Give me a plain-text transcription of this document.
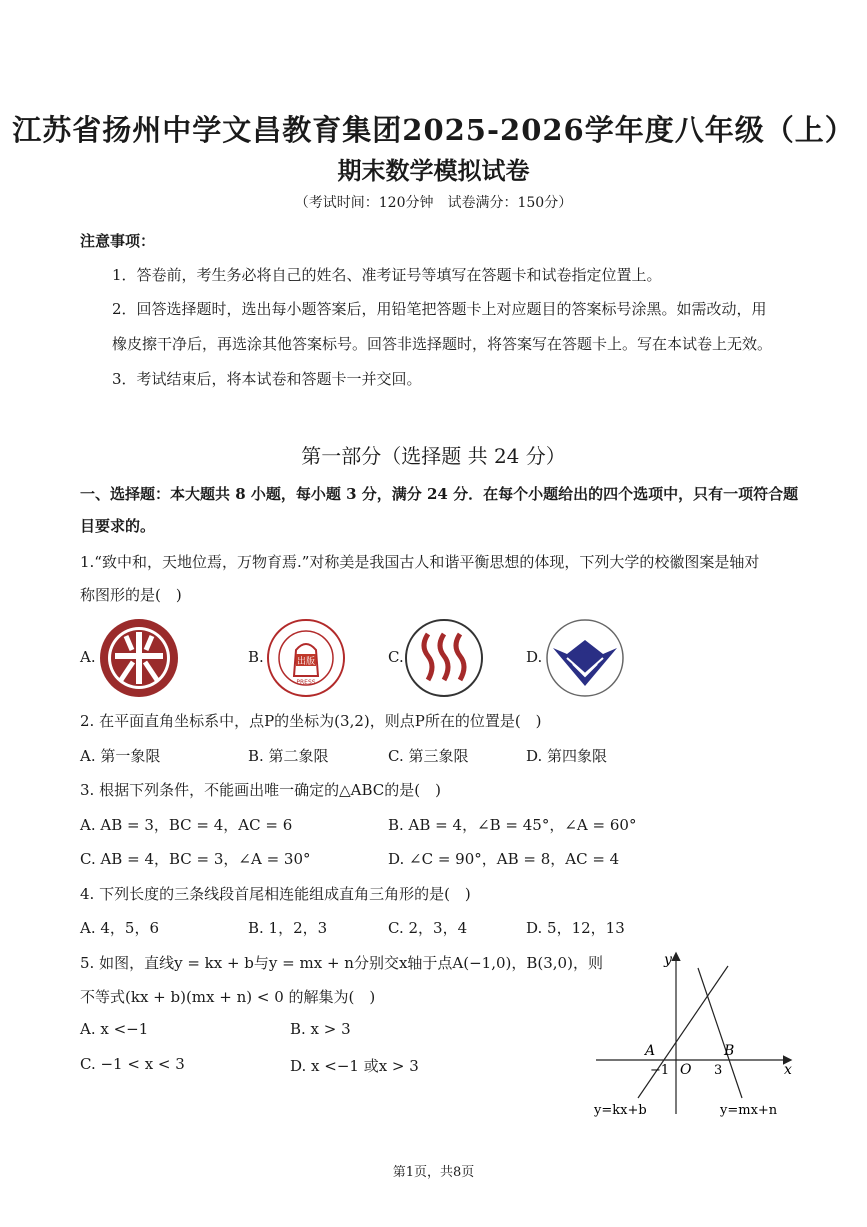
江苏省扬州中学文昌教育集团2025-2026学年度八年级（上）
期末数学模拟试卷
（考试时间：120分钟　试卷满分：150分）
注意事项：
1．答卷前，考生务必将自己的姓名、准考证号等填写在答题卡和试卷指定位置上。
2．回答选择题时，选出每小题答案后，用铅笔把答题卡上对应题目的答案标号涂黑。如需改动，用
橡皮擦干净后，再选涂其他答案标号。回答非选择题时，将答案写在答题卡上。写在本试卷上无效。
3．考试结束后，将本试卷和答题卡一并交回。
第一部分（选择题 共 24 分）
一、选择题：本大题共 8 小题，每小题 3 分，满分 24 分．在每个小题给出的四个选项中，只有一项符合题
目要求的。
1.“致中和，天地位焉，万物育焉.”对称美是我国古人和谐平衡思想的体现，下列大学的校徽图案是轴对
称图形的是(　)
A.	B.	出版
PRESS
C.	D.
2. 在平面直角坐标系中，点P的坐标为(3,2)，则点P所在的位置是(　)
A. 第一象限	B. 第二象限	C. 第三象限	D. 第四象限
3. 根据下列条件，不能画出唯一确定的△ABC的是(　)
A. AB = 3，BC = 4，AC = 6	B. AB = 4，∠B = 45°，∠A = 60°
C. AB = 4，BC = 3，∠A = 30°	D. ∠C = 90°，AB = 8，AC = 4
4. 下列长度的三条线段首尾相连能组成直角三角形的是(　)
A. 4，5，6	B. 1，2，3	C. 2，3，4	D. 5，12，13
5. 如图，直线y = kx + b与y = mx + n分别交x轴于点A(−1,0)，B(3,0)，则
不等式(kx + b)(mx + n) < 0 的解集为(　)
A. x <−1	B. x > 3
C. −1 < x < 3	D. x <−1 或x > 3
y
x
O
A	B
−1	3
y=kx+b	y=mx+n
第1页，共8页
